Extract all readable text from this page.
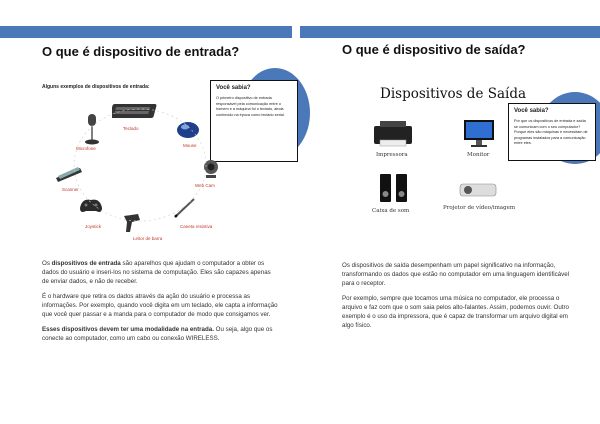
O que é dispositivo de entrada?
Alguns exemplos de dispositivos de entrada:	Você sabia?

O primeiro dispositivo de entrada responsável pela comunicação entre o homem e a máquina foi o teclado, ainda conhecido na época como teclado serial.

Teclado
Mouse
Microfone
Web Cam
Scanner
Joystick
Leitor de barra
Caneta resistiva

Os dispositivos de entrada são aparelhos que ajudam o computador a obter os dados do usuário e inseri-los no sistema de computação. Eles são capazes apenas de enviar dados, e não de receber.

É o hardware que retira os dados através da ação do usuário e processa as informações. Por exemplo, quando você digita em um teclado, ele capta a informação que você quer passar e a manda para o computador de modo que consigamos ver.

Esses dispositivos devem ter uma modalidade na entrada. Ou seja, algo que os conecte ao computador, como um cabo ou conexão WIRELESS.

O que é dispositivo de saída?
Dispositivos de Saída
Você sabia?

Por que os dispositivos de entrada e saída se comunicam com o seu computador? Porque eles são máquinas e necessitam de programas instalados para a comunicação entre eles.

Impressora	Monitor
Caixa de som	Projetor de vídeo/imagem

Os dispositivos de saída desempenham um papel significativo na informação, transformando os dados que estão no computador em uma linguagem identificável para o receptor.

Por exemplo, sempre que tocamos uma música no computador, ele processa o arquivo e faz com que o som saia pelos alto-falantes. Assim, podemos ouvir. Outro exemplo é o uso da impressora, que é capaz de transformar um arquivo digital em algo físico.
